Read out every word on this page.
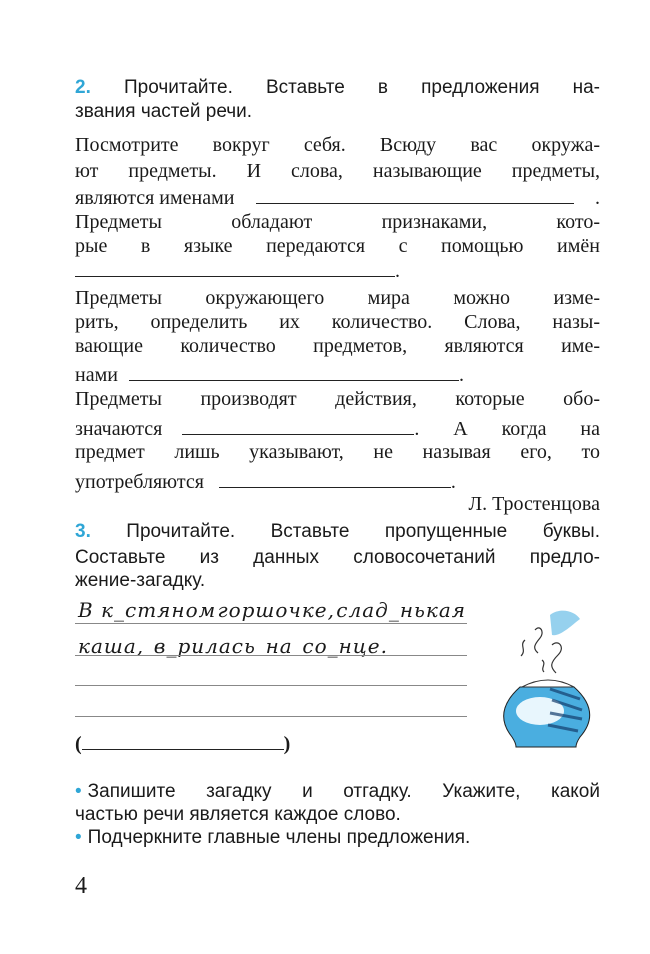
2. Прочитайте. Вставьте в предложения на-
звания частей речи.
Посмотрите вокруг себя. Всюду вас окружа-
ют предметы. И слова, называющие предметы,
являются именами	.
Предметы обладают признаками, кото-
рые в языке передаются с помощью имён
.
Предметы окружающего мира можно изме-
рить, определить их количество. Слова, назы-
вающие количество предметов, являются име-
нами	.
Предметы производят действия, которые обо-
значаются	. А когда на
предмет лишь указывают, не называя его, то
употребляются	.
Л. Тростенцова
3. Прочитайте. Вставьте пропущенные буквы.
Составьте из данных словосочетаний предло-
жение-загадку.
В к_стяном горшочке, слад_нькая
каша, в_рилась на со_нце.
(	)
• Запишите загадку и отгадку. Укажите, какой
частью речи является каждое слово.
• Подчеркните главные члены предложения.
4
